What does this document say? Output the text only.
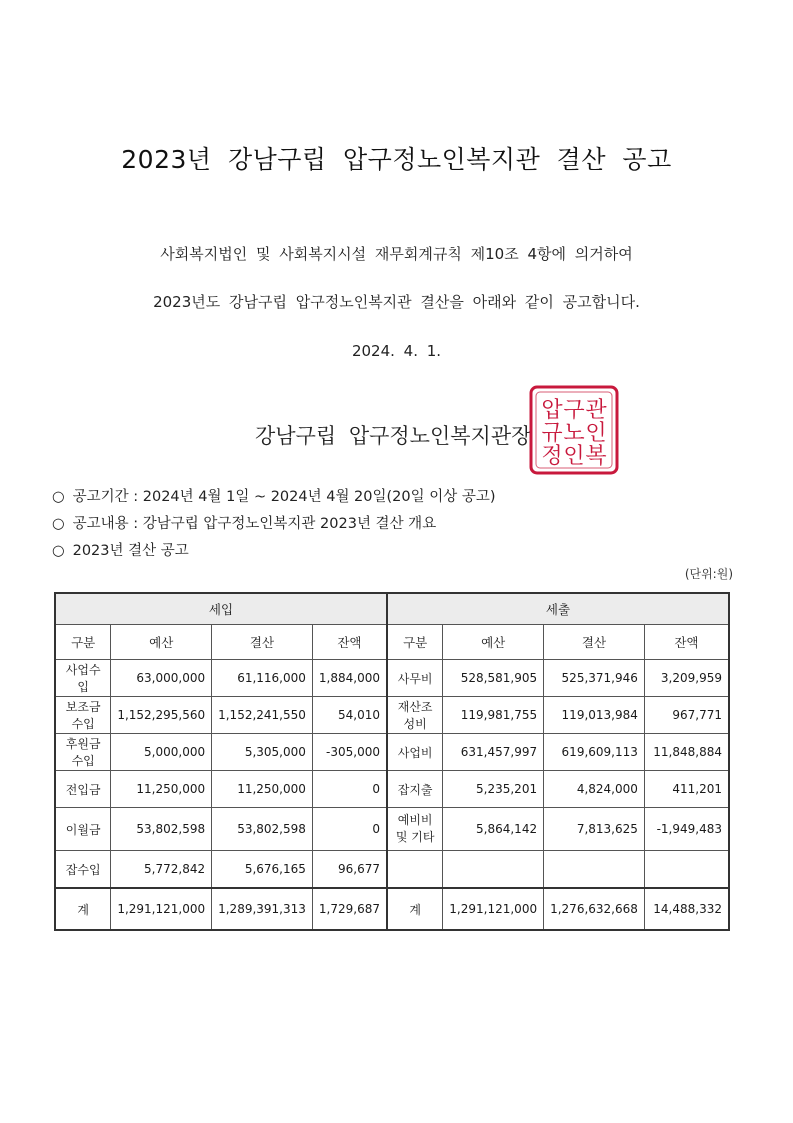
2023년 강남구립 압구정노인복지관 결산 공고
사회복지법인 및 사회복지시설 재무회계규칙 제10조 4항에 의거하여
2023년도 강남구립 압구정노인복지관 결산을 아래와 같이 공고합니다.
2024. 4. 1.
강남구립 압구정노인복지관장
압
규
정
구
노
인
관
인
복
○ 공고기간 : 2024년 4월 1일 ~ 2024년 4월 20일(20일 이상 공고)
○ 공고내용 : 강남구립 압구정노인복지관 2023년 결산 개요
○ 2023년 결산 공고
(단위:원)
세입				세출			
구분	예산	결산	잔액	구분	예산	결산	잔액
사업수입	63,000,000	61,116,000	1,884,000	사무비	528,581,905	525,371,946	3,209,959
보조금수입	1,152,295,560	1,152,241,550	54,010	재산조성비	119,981,755	119,013,984	967,771
후원금수입	5,000,000	5,305,000	-305,000	사업비	631,457,997	619,609,113	11,848,884
전입금	11,250,000	11,250,000	0	잡지출	5,235,201	4,824,000	411,201
이월금	53,802,598	53,802,598	0	예비비 및 기타	5,864,142	7,813,625	-1,949,483
잡수입	5,772,842	5,676,165	96,677				
계	1,291,121,000	1,289,391,313	1,729,687	계	1,291,121,000	1,276,632,668	14,488,332
